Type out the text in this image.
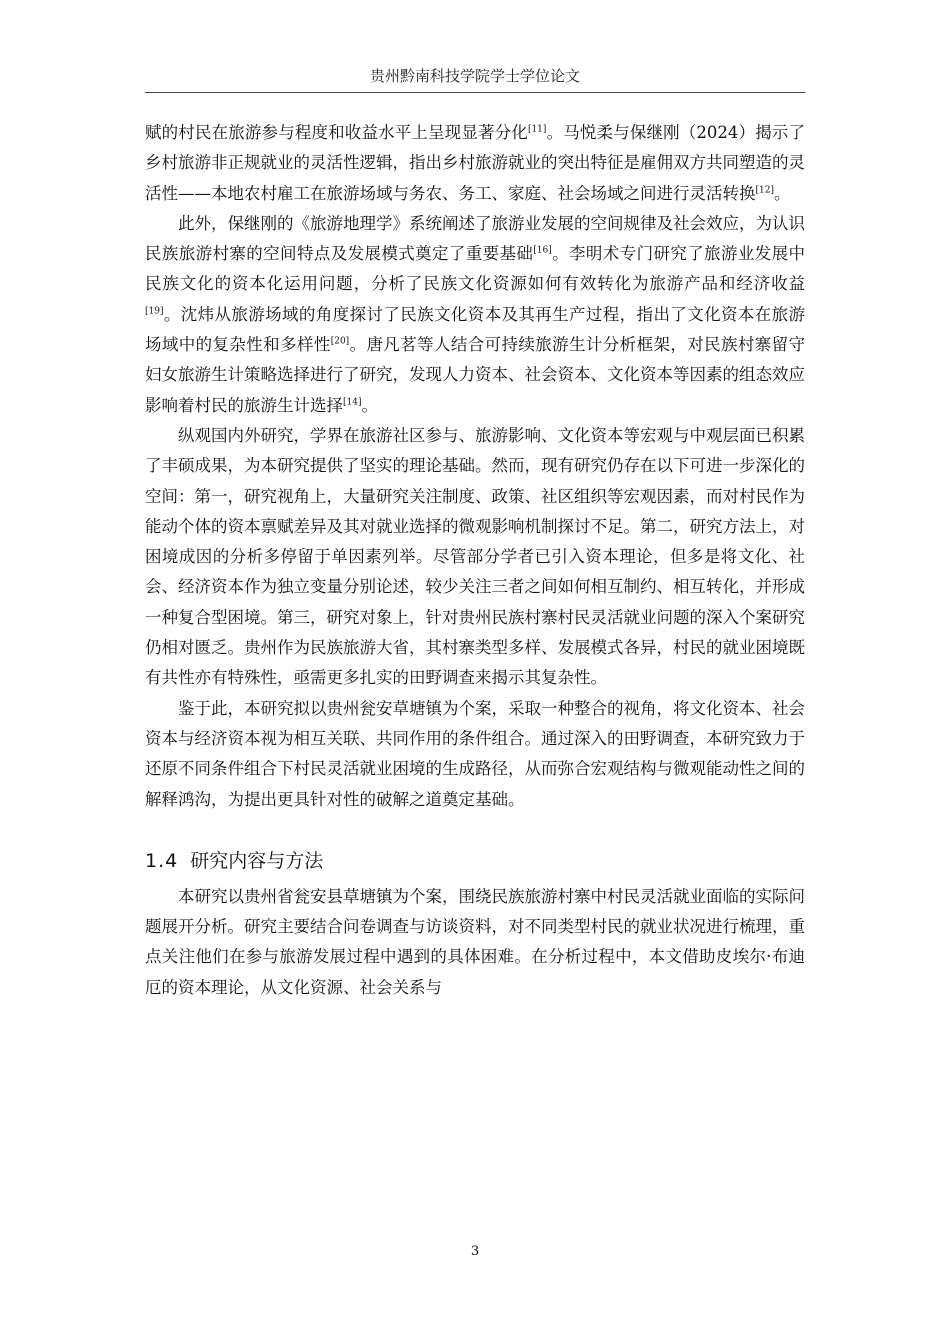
贵州黔南科技学院学士学位论文

赋的村民在旅游参与程度和收益水平上呈现显著分化[11]。马悦柔与保继刚（2024）揭示了乡村旅游非正规就业的灵活性逻辑，指出乡村旅游就业的突出特征是雇佣双方共同塑造的灵活性——本地农村雇工在旅游场域与务农、务工、家庭、社会场域之间进行灵活转换[12]。

此外，保继刚的《旅游地理学》系统阐述了旅游业发展的空间规律及社会效应，为认识民族旅游村寨的空间特点及发展模式奠定了重要基础[16]。李明术专门研究了旅游业发展中民族文化的资本化运用问题，分析了民族文化资源如何有效转化为旅游产品和经济收益[19]。沈炜从旅游场域的角度探讨了民族文化资本及其再生产过程，指出了文化资本在旅游场域中的复杂性和多样性[20]。唐凡茗等人结合可持续旅游生计分析框架，对民族村寨留守妇女旅游生计策略选择进行了研究，发现人力资本、社会资本、文化资本等因素的组态效应影响着村民的旅游生计选择[14]。

纵观国内外研究，学界在旅游社区参与、旅游影响、文化资本等宏观与中观层面已积累了丰硕成果，为本研究提供了坚实的理论基础。然而，现有研究仍存在以下可进一步深化的空间：第一，研究视角上，大量研究关注制度、政策、社区组织等宏观因素，而对村民作为能动个体的资本禀赋差异及其对就业选择的微观影响机制探讨不足。第二，研究方法上，对困境成因的分析多停留于单因素列举。尽管部分学者已引入资本理论，但多是将文化、社会、经济资本作为独立变量分别论述，较少关注三者之间如何相互制约、相互转化，并形成一种复合型困境。第三，研究对象上，针对贵州民族村寨村民灵活就业问题的深入个案研究仍相对匮乏。贵州作为民族旅游大省，其村寨类型多样、发展模式各异，村民的就业困境既有共性亦有特殊性，亟需更多扎实的田野调查来揭示其复杂性。

鉴于此，本研究拟以贵州瓮安草塘镇为个案，采取一种整合的视角，将文化资本、社会资本与经济资本视为相互关联、共同作用的条件组合。通过深入的田野调查，本研究致力于还原不同条件组合下村民灵活就业困境的生成路径，从而弥合宏观结构与微观能动性之间的解释鸿沟，为提出更具针对性的破解之道奠定基础。

1.4 研究内容与方法

本研究以贵州省瓮安县草塘镇为个案，围绕民族旅游村寨中村民灵活就业面临的实际问题展开分析。研究主要结合问卷调查与访谈资料，对不同类型村民的就业状况进行梳理，重点关注他们在参与旅游发展过程中遇到的具体困难。在分析过程中，本文借助皮埃尔·布迪厄的资本理论，从文化资源、社会关系与

3
